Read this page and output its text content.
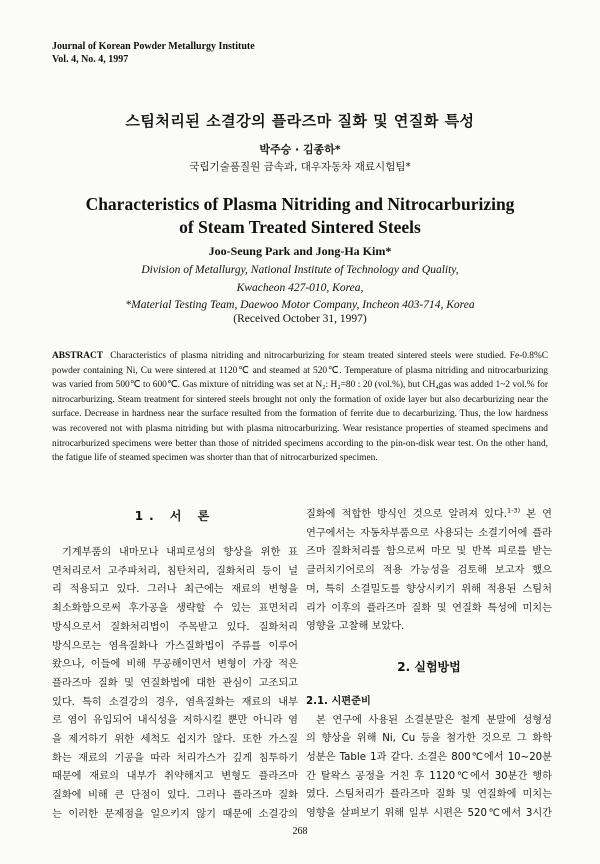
Journal of Korean Powder Metallurgy Institute
Vol. 4, No. 4, 1997
스팀처리된 소결강의 플라즈마 질화 및 연질화 특성
박주승 · 김종하*
국립기술품질원 금속과, 대우자동차 재료시험팀*
Characteristics of Plasma Nitriding and Nitrocarburizing
of Steam Treated Sintered Steels
Joo-Seung Park and Jong-Ha Kim*
Division of Metallurgy, National Institute of Technology and Quality,
Kwacheon 427-010, Korea,
*Material Testing Team, Daewoo Motor Company, Incheon 403-714, Korea
(Received October 31, 1997)
ABSTRACT Characteristics of plasma nitriding and nitrocarburizing for steam treated sintered steels were studied. Fe-0.8%C powder containing Ni, Cu were sintered at 1120℃ and steamed at 520℃. Temperature of plasma nitriding and nitrocarburizing was varied from 500℃ to 600℃. Gas mixture of nitriding was set at N₂: H₂=80 : 20 (vol.%), but CH₄gas was added 1~2 vol.% for nitrocarburizing. Steam treatment for sintered steels brought not only the formation of oxide layer but also decarburizing near the surface. Decrease in hardness near the surface resulted from the formation of ferrite due to decarburizing. Thus, the low hardness was recovered not with plasma nitriding but with plasma nitrocarburizing. Wear resistance properties of steamed specimens and nitrocarburized specimens were better than those of nitrided specimens according to the pin-on-disk wear test. On the other hand, the fatigue life of steamed specimen was shorter than that of nitrocarburized specimen.
1. 서 론
기계부품의 내마모나 내피로성의 향상을 위한 표
면처리로서 고주파처리, 침탄처리, 질화처리 등이 널
리 적용되고 있다. 그러나 최근에는 재료의 변형을
최소화함으로써 후가공을 생략할 수 있는 표면처리
방식으로서 질화처리법이 주목받고 있다. 질화처리
방식으로는 염욕질화나 가스질화법이 주류를 이루어
왔으나, 이들에 비해 무공해이면서 변형이 가장 적은
플라즈마 질화 및 연질화법에 대한 관심이 고조되고
있다. 특히 소결강의 경우, 염욕질화는 재료의 내부
로 염이 유입되어 내식성을 저하시킬 뿐만 아니라 염
을 제거하기 위한 세척도 쉽지가 않다. 또한 가스질
화는 재료의 기공을 따라 처리가스가 깊게 침투하기
때문에 재료의 내부가 취약해지고 변형도 플라즈마
질화에 비해 큰 단점이 있다. 그러나 플라즈마 질화
는 이러한 문제점을 일으키지 않기 때문에 소결강의
질화에 적합한 방식인 것으로 알려져 있다.$^{1-3)}$ 본 연
연구에서는 자동차부품으로 사용되는 소결기어에 플라
즈마 질화처리를 함으로써 마모 및 반복 피로를 받는
클러치기어로의 적용 가능성을 검토해 보고자 했으
며, 특히 소결밀도를 향상시키기 위해 적용된 스팀처
리가 이후의 플라즈마 질화 및 연질화 특성에 미치는
영향을 고찰해 보았다.
2. 실험방법
2.1. 시편준비
본 연구에 사용된 소결분말은 철계 분말에 성형성
의 향상을 위해 Ni, Cu 등을 첨가한 것으로 그 화학
성분은 Table 1과 같다. 소결은 800℃에서 10~20분
간 탈왁스 공정을 거친 후 1120℃에서 30분간 행하
였다. 스팀처리가 플라즈마 질화 및 연질화에 미치는
영향을 살펴보기 위해 일부 시편은 520℃에서 3시간
268
